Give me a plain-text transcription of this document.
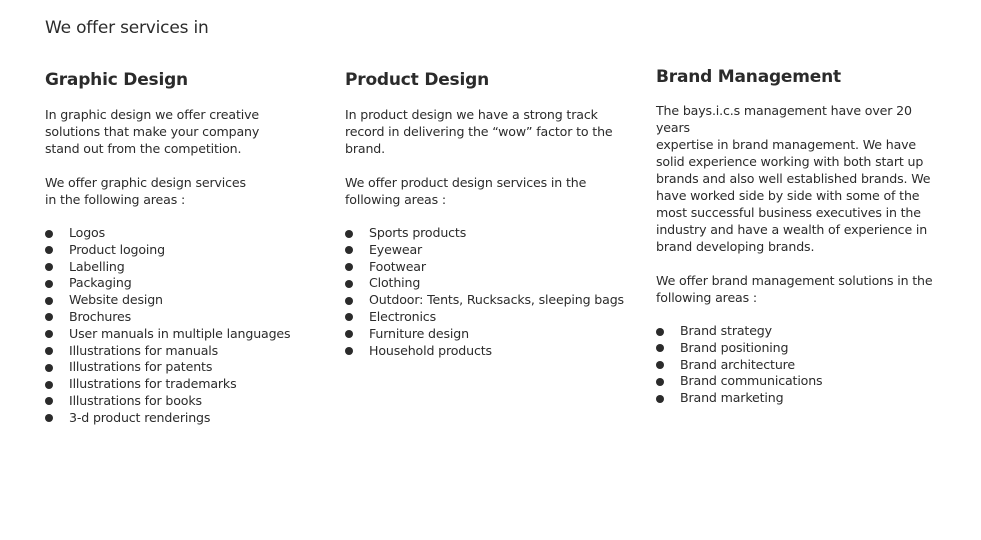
We offer services in
Graphic Design

In graphic design we offer creative
solutions that make your company
stand out from the competition.

We offer graphic design services
in the following areas :

Logos
Product logoing
Labelling
Packaging
Website design
Brochures
User manuals in multiple languages
Illustrations for manuals
Illustrations for patents
Illustrations for trademarks
Illustrations for books
3-d product renderings
Product Design

In product design we have a strong track
record in delivering the “wow” factor to the
brand.

We offer product design services in the
following areas :

Sports products
Eyewear
Footwear
Clothing
Outdoor: Tents, Rucksacks, sleeping bags
Electronics
Furniture design
Household products
Brand Management

The bays.i.c.s management have over 20 years
expertise in brand management. We have
solid experience working with both start up
brands and also well established brands. We
have worked side by side with some of the
most successful business executives in the
industry and have a wealth of experience in
brand developing brands.

We offer brand management solutions in the
following areas :

Brand strategy
Brand positioning
Brand architecture
Brand communications
Brand marketing
